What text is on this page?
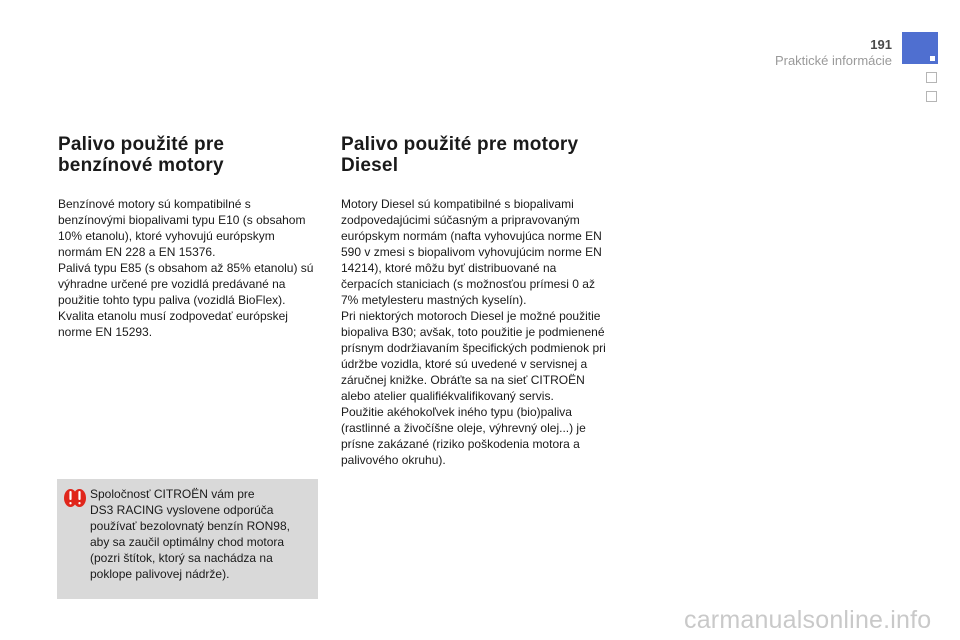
191
Praktické informácie
Palivo použité pre
benzínové motory

Benzínové motory sú kompatibilné s benzínovými biopalivami typu E10 (s obsahom 10% etanolu), ktoré vyhovujú európskym normám EN 228 a EN 15376.

Palivá typu E85 (s obsahom až 85% etanolu) sú výhradne určené pre vozidlá predávané na použitie tohto typu paliva (vozidlá BioFlex). Kvalita etanolu musí zodpovedať európskej norme EN 15293.

Palivo použité pre motory
Diesel

Motory Diesel sú kompatibilné s biopalivami zodpovedajúcimi súčasným a pripravovaným európskym normám (nafta vyhovujúca norme EN 590 v zmesi s biopalivom vyhovujúcim norme EN 14214), ktoré môžu byť distribuované na čerpacích staniciach (s možnosťou prímesi 0 až 7% metylesteru mastných kyselín).

Pri niektorých motoroch Diesel je možné použitie biopaliva B30; avšak, toto použitie je podmienené prísnym dodržiavaním špecifických podmienok pri údržbe vozidla, ktoré sú uvedené v servisnej a záručnej knižke. Obráťte sa na sieť CITROËN alebo atelier qualifiékvalifikovaný servis.

Použitie akéhokoľvek iného typu (bio)paliva (rastlinné a živočíšne oleje, výhrevný olej...) je prísne zakázané (riziko poškodenia motora a palivového okruhu).

Spoločnosť CITROËN vám pre

DS3 RACING vyslovene odporúča

používať bezolovnatý benzín RON98,

aby sa zaučil optimálny chod motora

(pozri štítok, ktorý sa nachádza na

poklope palivovej nádrže).

carmanualsonline.info
